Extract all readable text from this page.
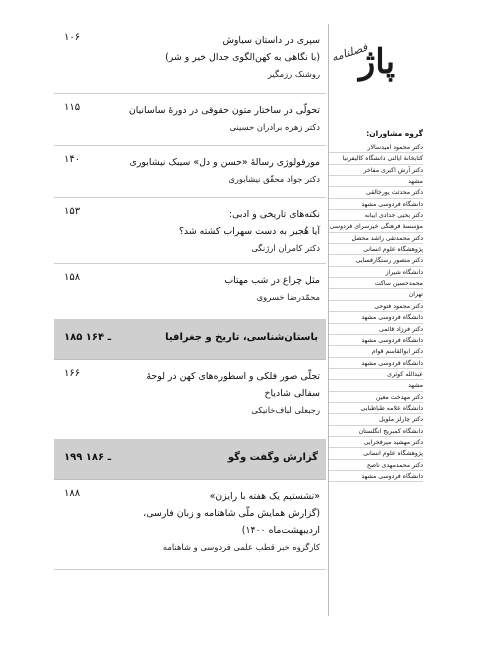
فصلنامه
پاژ
گروه مشاوران:
دکتر محمود امیدسالار
کتابخانهٔ ایالتی دانشگاه کالیفرنیا
دکتر آرش اکبری مفاخر
مشهد
دکتر محدثت پورخالقی
دانشگاه فردوسی مشهد
دکتر یحیی جدادی ایبانه
مؤسسهٔ فرهنگی خیرسرای فردوسی
دکتر محمدتقی راشد محصل
پژوهشگاه علوم انسانی
دکتر منصور رستگارفسایی
دانشگاه شیراز
محمدحسین ساکت
تهران
دکتر محمود فتوحی
دانشگاه فردوسی مشهد
دکتر فرزاد قائمی
دانشگاه فردوسی مشهد
دکتر ابوالقاسم قوام
دانشگاه فردوسی مشهد
عبدالله کوثری
مشهد
دکتر مهدخت معین
دانشگاه علامه طباطبایی
دکتر چارلز ملویل
دانشگاه کمبریج انگلستان
دکتر مهشید میرفخرایی
پژوهشگاه علوم انسانی
دکتر محمدمهدی ناصح
دانشگاه فردوسی مشهد

سپری در داستان سیاوش

(با نگاهی به کهن‌الگوی جدال خیر و شر)

روشنک رزمگیر

۱۰۶

تحولّی در ساختار متون حقوقی در دورهٔ ساسانیان

دکتر زهره برادران حسینی

۱۱۵

مورفولوژی رسالهٔ «حسن و دل» سیبک نیشابوری

دکتر جواد محقّق نیشابوری

۱۴۰

نکته‌های تاریخی و ادبی:

آیا هُجیر به دست سهراب کشته شد؟

دکتر کامران ارژنگی

۱۵۳

مثل چراغ در شب مهتاب

محمّدرضا خسروی

۱۵۸
باستان‌شناسی، تاریخ و جغرافیا
۱۸۵ ـ ۱۶۴

تجلّی صور فلکی و اسطوره‌های کهن در لوحهٔ

سفالی شادیاخ

رجبعلی لباف‌خانیکی

۱۶۶
گزارش وگفت وگو
۱۹۹ ـ ۱۸۶

«نشستیم یک هفته با رایزن»

(گزارش همایش ملّی شاهنامه و زبان فارسی،

اردیبهشت‌ماه ۱۴۰۰)

کارگروه خبر قطب علمی فردوسی و شاهنامه

۱۸۸
